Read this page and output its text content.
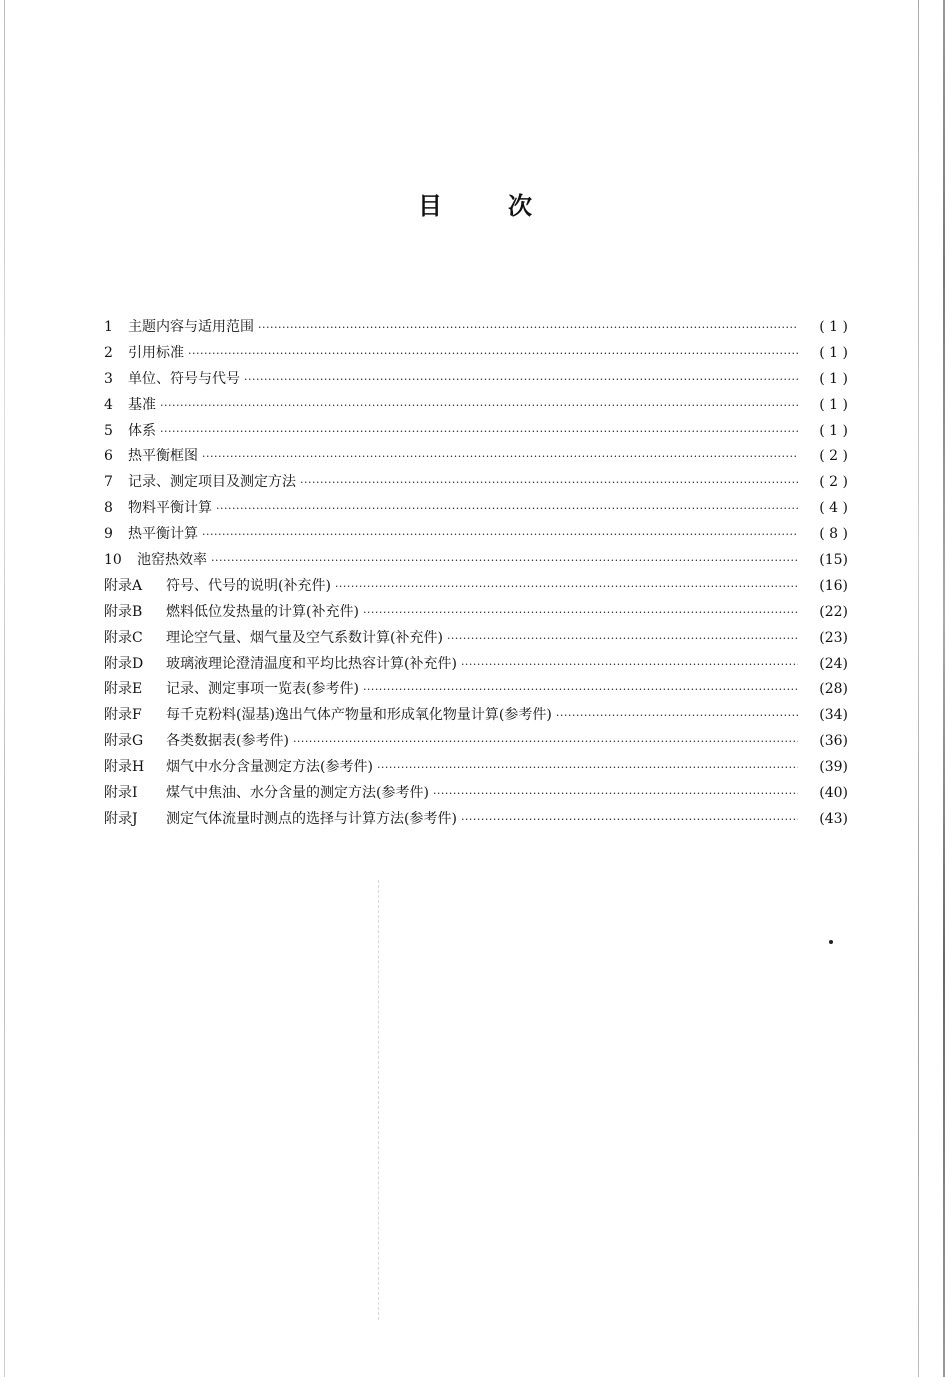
目	次
1	主题内容与适用范围 ·····	( 1 )
2	引用标准 ·····	( 1 )
3	单位、符号与代号 ·····	( 1 )
4	基准 ·····	( 1 )
5	体系 ·····	( 1 )
6	热平衡框图 ·····	( 2 )
7	记录、测定项目及测定方法 ·····	( 2 )
8	物料平衡计算 ·····	( 4 )
9	热平衡计算 ·····	( 8 )
10	池窑热效率 ·····	(15)
附录A	符号、代号的说明(补充件) ·····	(16)
附录B	燃料低位发热量的计算(补充件) ·····	(22)
附录C	理论空气量、烟气量及空气系数计算(补充件) ·····	(23)
附录D	玻璃液理论澄清温度和平均比热容计算(补充件) ·····	(24)
附录E	记录、测定事项一览表(参考件) ·····	(28)
附录F	每千克粉料(湿基)逸出气体产物量和形成氧化物量计算(参考件) ·····	(34)
附录G	各类数据表(参考件) ·····	(36)
附录H	烟气中水分含量测定方法(参考件) ·····	(39)
附录I	煤气中焦油、水分含量的测定方法(参考件) ·····	(40)
附录J	测定气体流量时测点的选择与计算方法(参考件) ·····	(43)
